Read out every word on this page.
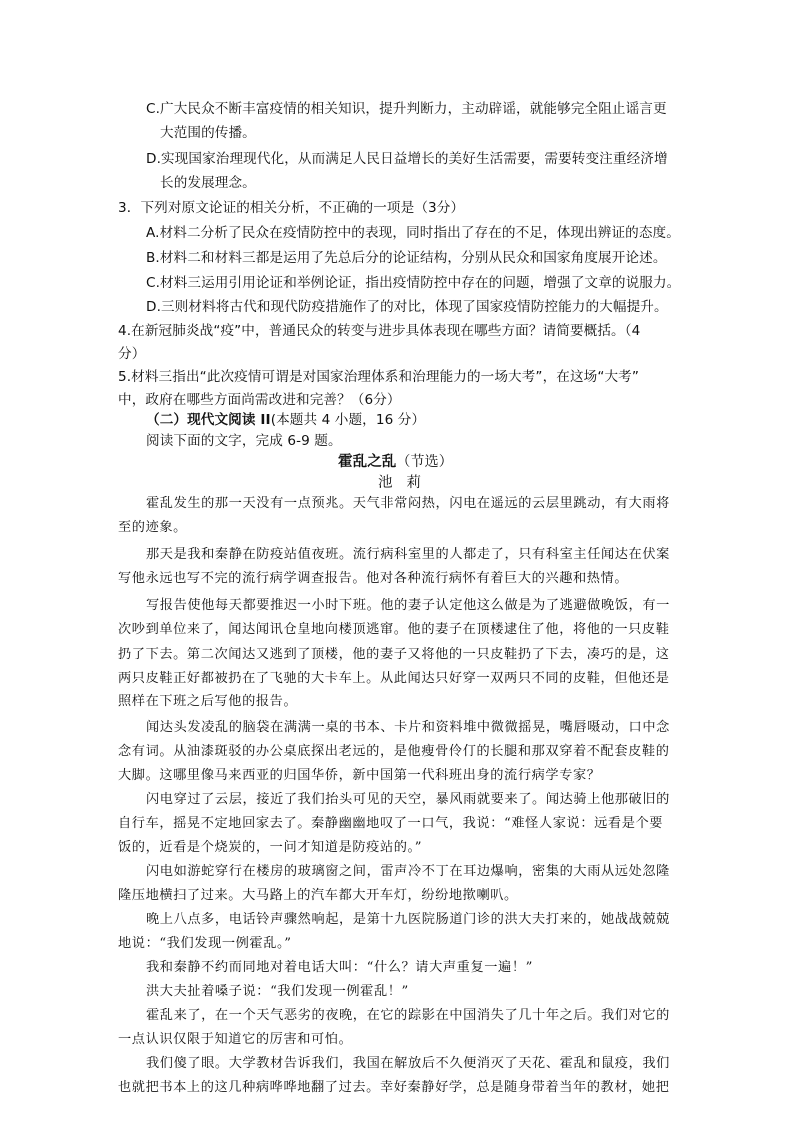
C.广大民众不断丰富疫情的相关知识，提升判断力，主动辟谣，就能够完全阻止谣言更
大范围的传播。
D.实现国家治理现代化，从而满足人民日益增长的美好生活需要，需要转变注重经济增
长的发展理念。
3．下列对原文论证的相关分析，不正确的一项是（3分）
A.材料二分析了民众在疫情防控中的表现，同时指出了存在的不足，体现出辨证的态度。
B.材料二和材料三都是运用了先总后分的论证结构，分别从民众和国家角度展开论述。
C.材料三运用引用论证和举例论证，指出疫情防控中存在的问题，增强了文章的说服力。
D.三则材料将古代和现代防疫措施作了的对比，体现了国家疫情防控能力的大幅提升。
4.在新冠肺炎战“疫”中，普通民众的转变与进步具体表现在哪些方面？请简要概括。（4
分）
5.材料三指出“此次疫情可谓是对国家治理体系和治理能力的一场大考”，在这场“大考”
中，政府在哪些方面尚需改进和完善？（6分）
（二）现代文阅读 II(本题共 4 小题，16 分）
阅读下面的文字，完成 6-9 题。
霍乱之乱（节选）
池莉
霍乱发生的那一天没有一点预兆。天气非常闷热，闪电在遥远的云层里跳动，有大雨将
至的迹象。
那天是我和秦静在防疫站值夜班。流行病科室里的人都走了，只有科室主任闻达在伏案
写他永远也写不完的流行病学调查报告。他对各种流行病怀有着巨大的兴趣和热情。
写报告使他每天都要推迟一小时下班。他的妻子认定他这么做是为了逃避做晚饭，有一
次吵到单位来了，闻达闻讯仓皇地向楼顶逃窜。他的妻子在顶楼逮住了他，将他的一只皮鞋
扔了下去。第二次闻达又逃到了顶楼，他的妻子又将他的一只皮鞋扔了下去，凑巧的是，这
两只皮鞋正好都被扔在了飞驰的大卡车上。从此闻达只好穿一双两只不同的皮鞋，但他还是
照样在下班之后写他的报告。
闻达头发凌乱的脑袋在满满一桌的书本、卡片和资料堆中微微摇晃，嘴唇嗫动，口中念
念有词。从油漆斑驳的办公桌底探出老远的，是他瘦骨伶仃的长腿和那双穿着不配套皮鞋的
大脚。这哪里像马来西亚的归国华侨，新中国第一代科班出身的流行病学专家？
闪电穿过了云层，接近了我们抬头可见的天空，暴风雨就要来了。闻达骑上他那破旧的
自行车，摇晃不定地回家去了。秦静幽幽地叹了一口气，我说：“难怪人家说：远看是个要
饭的，近看是个烧炭的，一问才知道是防疫站的。”
闪电如游蛇穿行在楼房的玻璃窗之间，雷声冷不丁在耳边爆响，密集的大雨从远处忽隆
隆压地横扫了过来。大马路上的汽车都大开车灯，纷纷地揿喇叭。
晚上八点多，电话铃声骤然响起，是第十九医院肠道门诊的洪大夫打来的，她战战兢兢
地说：“我们发现一例霍乱。”
我和秦静不约而同地对着电话大叫：“什么？请大声重复一遍！”
洪大夫扯着嗓子说：“我们发现一例霍乱！”
霍乱来了，在一个天气恶劣的夜晚，在它的踪影在中国消失了几十年之后。我们对它的
一点认识仅限于知道它的厉害和可怕。
我们傻了眼。大学教材告诉我们，我国在解放后不久便消灭了天花、霍乱和鼠疫，我们
也就把书本上的这几种病哗哗地翻了过去。幸好秦静好学，总是随身带着当年的教材，她把
